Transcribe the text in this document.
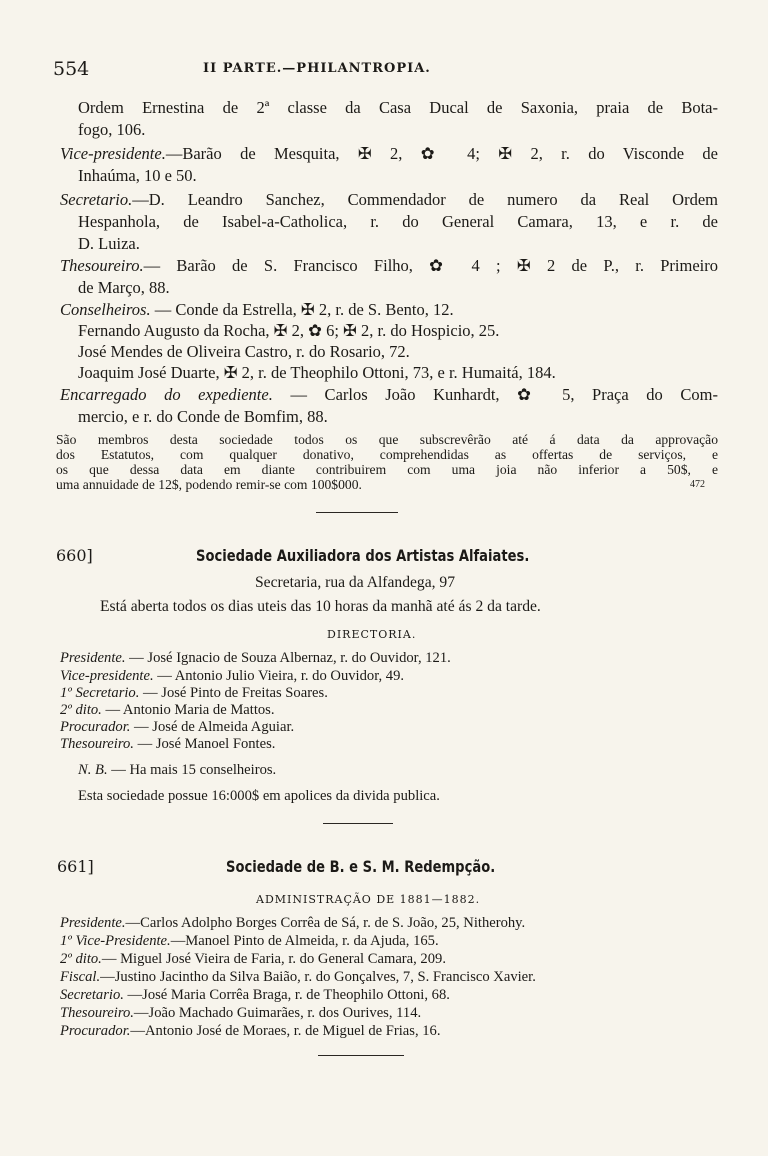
554	II PARTE.—PHILANTROPIA.
Ordem Ernestina de 2ª classe da Casa Ducal de Saxonia, praia de Bota-
fogo, 106.
Vice-presidente.—Barão de Mesquita, ✠ 2, ✿ 4; ✠ 2, r. do Visconde de
Inhaúma, 10 e 50.
Secretario.—D. Leandro Sanchez, Commendador de numero da Real Ordem
Hespanhola, de Isabel-a-Catholica, r. do General Camara, 13, e r. de
D. Luiza.
Thesoureiro.— Barão de S. Francisco Filho, ✿ 4 ; ✠ 2 de P., r. Primeiro
de Março, 88.
Conselheiros. — Conde da Estrella, ✠ 2, r. de S. Bento, 12.
Fernando Augusto da Rocha, ✠ 2, ✿ 6; ✠ 2, r. do Hospicio, 25.
José Mendes de Oliveira Castro, r. do Rosario, 72.
Joaquim José Duarte, ✠ 2, r. de Theophilo Ottoni, 73, e r. Humaitá, 184.
Encarregado do expediente. — Carlos João Kunhardt, ✿ 5, Praça do Com-
mercio, e r. do Conde de Bomfim, 88.
São membros desta sociedade todos os que subscrevêrão até á data da approvação
dos Estatutos, com qualquer donativo, comprehendidas as offertas de serviços, e
os que dessa data em diante contribuirem com uma joia não inferior a 50$, e
uma annuidade de 12$, podendo remir-se com 100$000.	472
660]	Sociedade Auxiliadora dos Artistas Alfaiates.
Secretaria, rua da Alfandega, 97
Está aberta todos os dias uteis das 10 horas da manhã até ás 2 da tarde.
DIRECTORIA.
Presidente. — José Ignacio de Souza Albernaz, r. do Ouvidor, 121.
Vice-presidente. — Antonio Julio Vieira, r. do Ouvidor, 49.
1º Secretario. — José Pinto de Freitas Soares.
2º dito. — Antonio Maria de Mattos.
Procurador. — José de Almeida Aguiar.
Thesoureiro. — José Manoel Fontes.
N. B. — Ha mais 15 conselheiros.
Esta sociedade possue 16:000$ em apolices da divida publica.
661]	Sociedade de B. e S. M. Redempção.
ADMINISTRAÇÃO DE 1881—1882.
Presidente.—Carlos Adolpho Borges Corrêa de Sá, r. de S. João, 25, Nitherohy.
1º Vice-Presidente.—Manoel Pinto de Almeida, r. da Ajuda, 165.
2º dito.— Miguel José Vieira de Faria, r. do General Camara, 209.
Fiscal.—Justino Jacintho da Silva Baião, r. do Gonçalves, 7, S. Francisco Xavier.
Secretario. —José Maria Corrêa Braga, r. de Theophilo Ottoni, 68.
Thesoureiro.—João Machado Guimarães, r. dos Ourives, 114.
Procurador.—Antonio José de Moraes, r. de Miguel de Frias, 16.
